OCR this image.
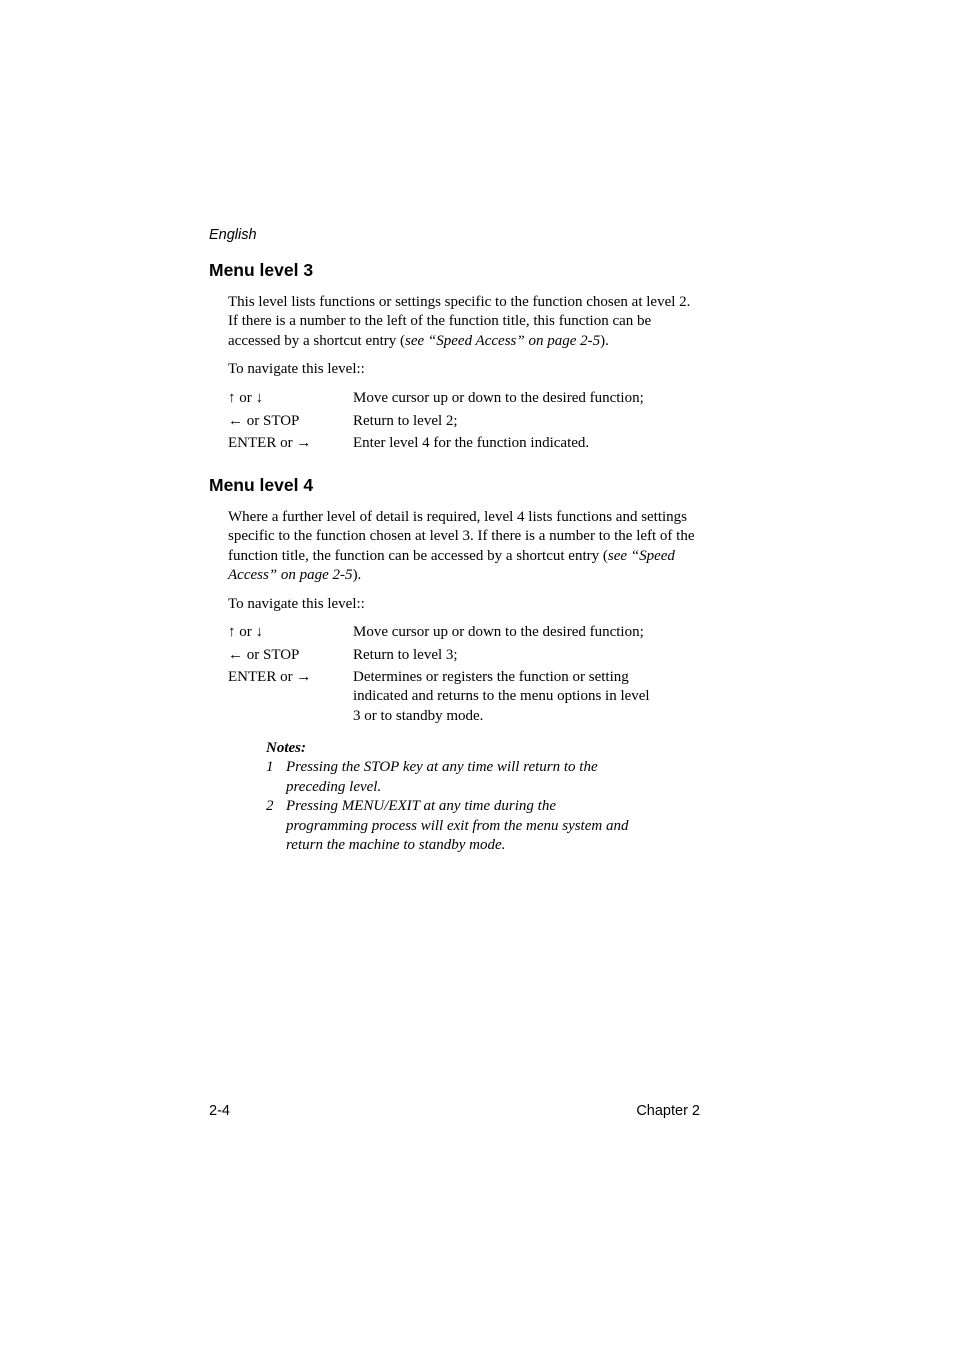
English
Menu level 3
This level lists functions or settings specific to the function chosen at level 2. If there is a number to the left of the function title, this function can be accessed by a shortcut entry (see “Speed Access” on page 2-5).
To navigate this level::
↑ or ↓	Move cursor up or down to the desired function;
← or STOP	Return to level 2;
ENTER or →	Enter level 4 for the function indicated.
Menu level 4
Where a further level of detail is required, level 4 lists functions and settings specific to the function chosen at level 3. If there is a number to the left of the function title, the function can be accessed by a shortcut entry (see “Speed Access” on page 2-5).
To navigate this level::
↑ or ↓	Move cursor up or down to the desired function;
← or STOP	Return to level 3;
ENTER or →	Determines or registers the function or setting indicated and returns to the menu options in level 3 or to standby mode.
Notes:
1 Pressing the STOP key at any time will return to the preceding level.
2 Pressing MENU/EXIT at any time during the programming process will exit from the menu system and return the machine to standby mode.
2-4	Chapter 2
